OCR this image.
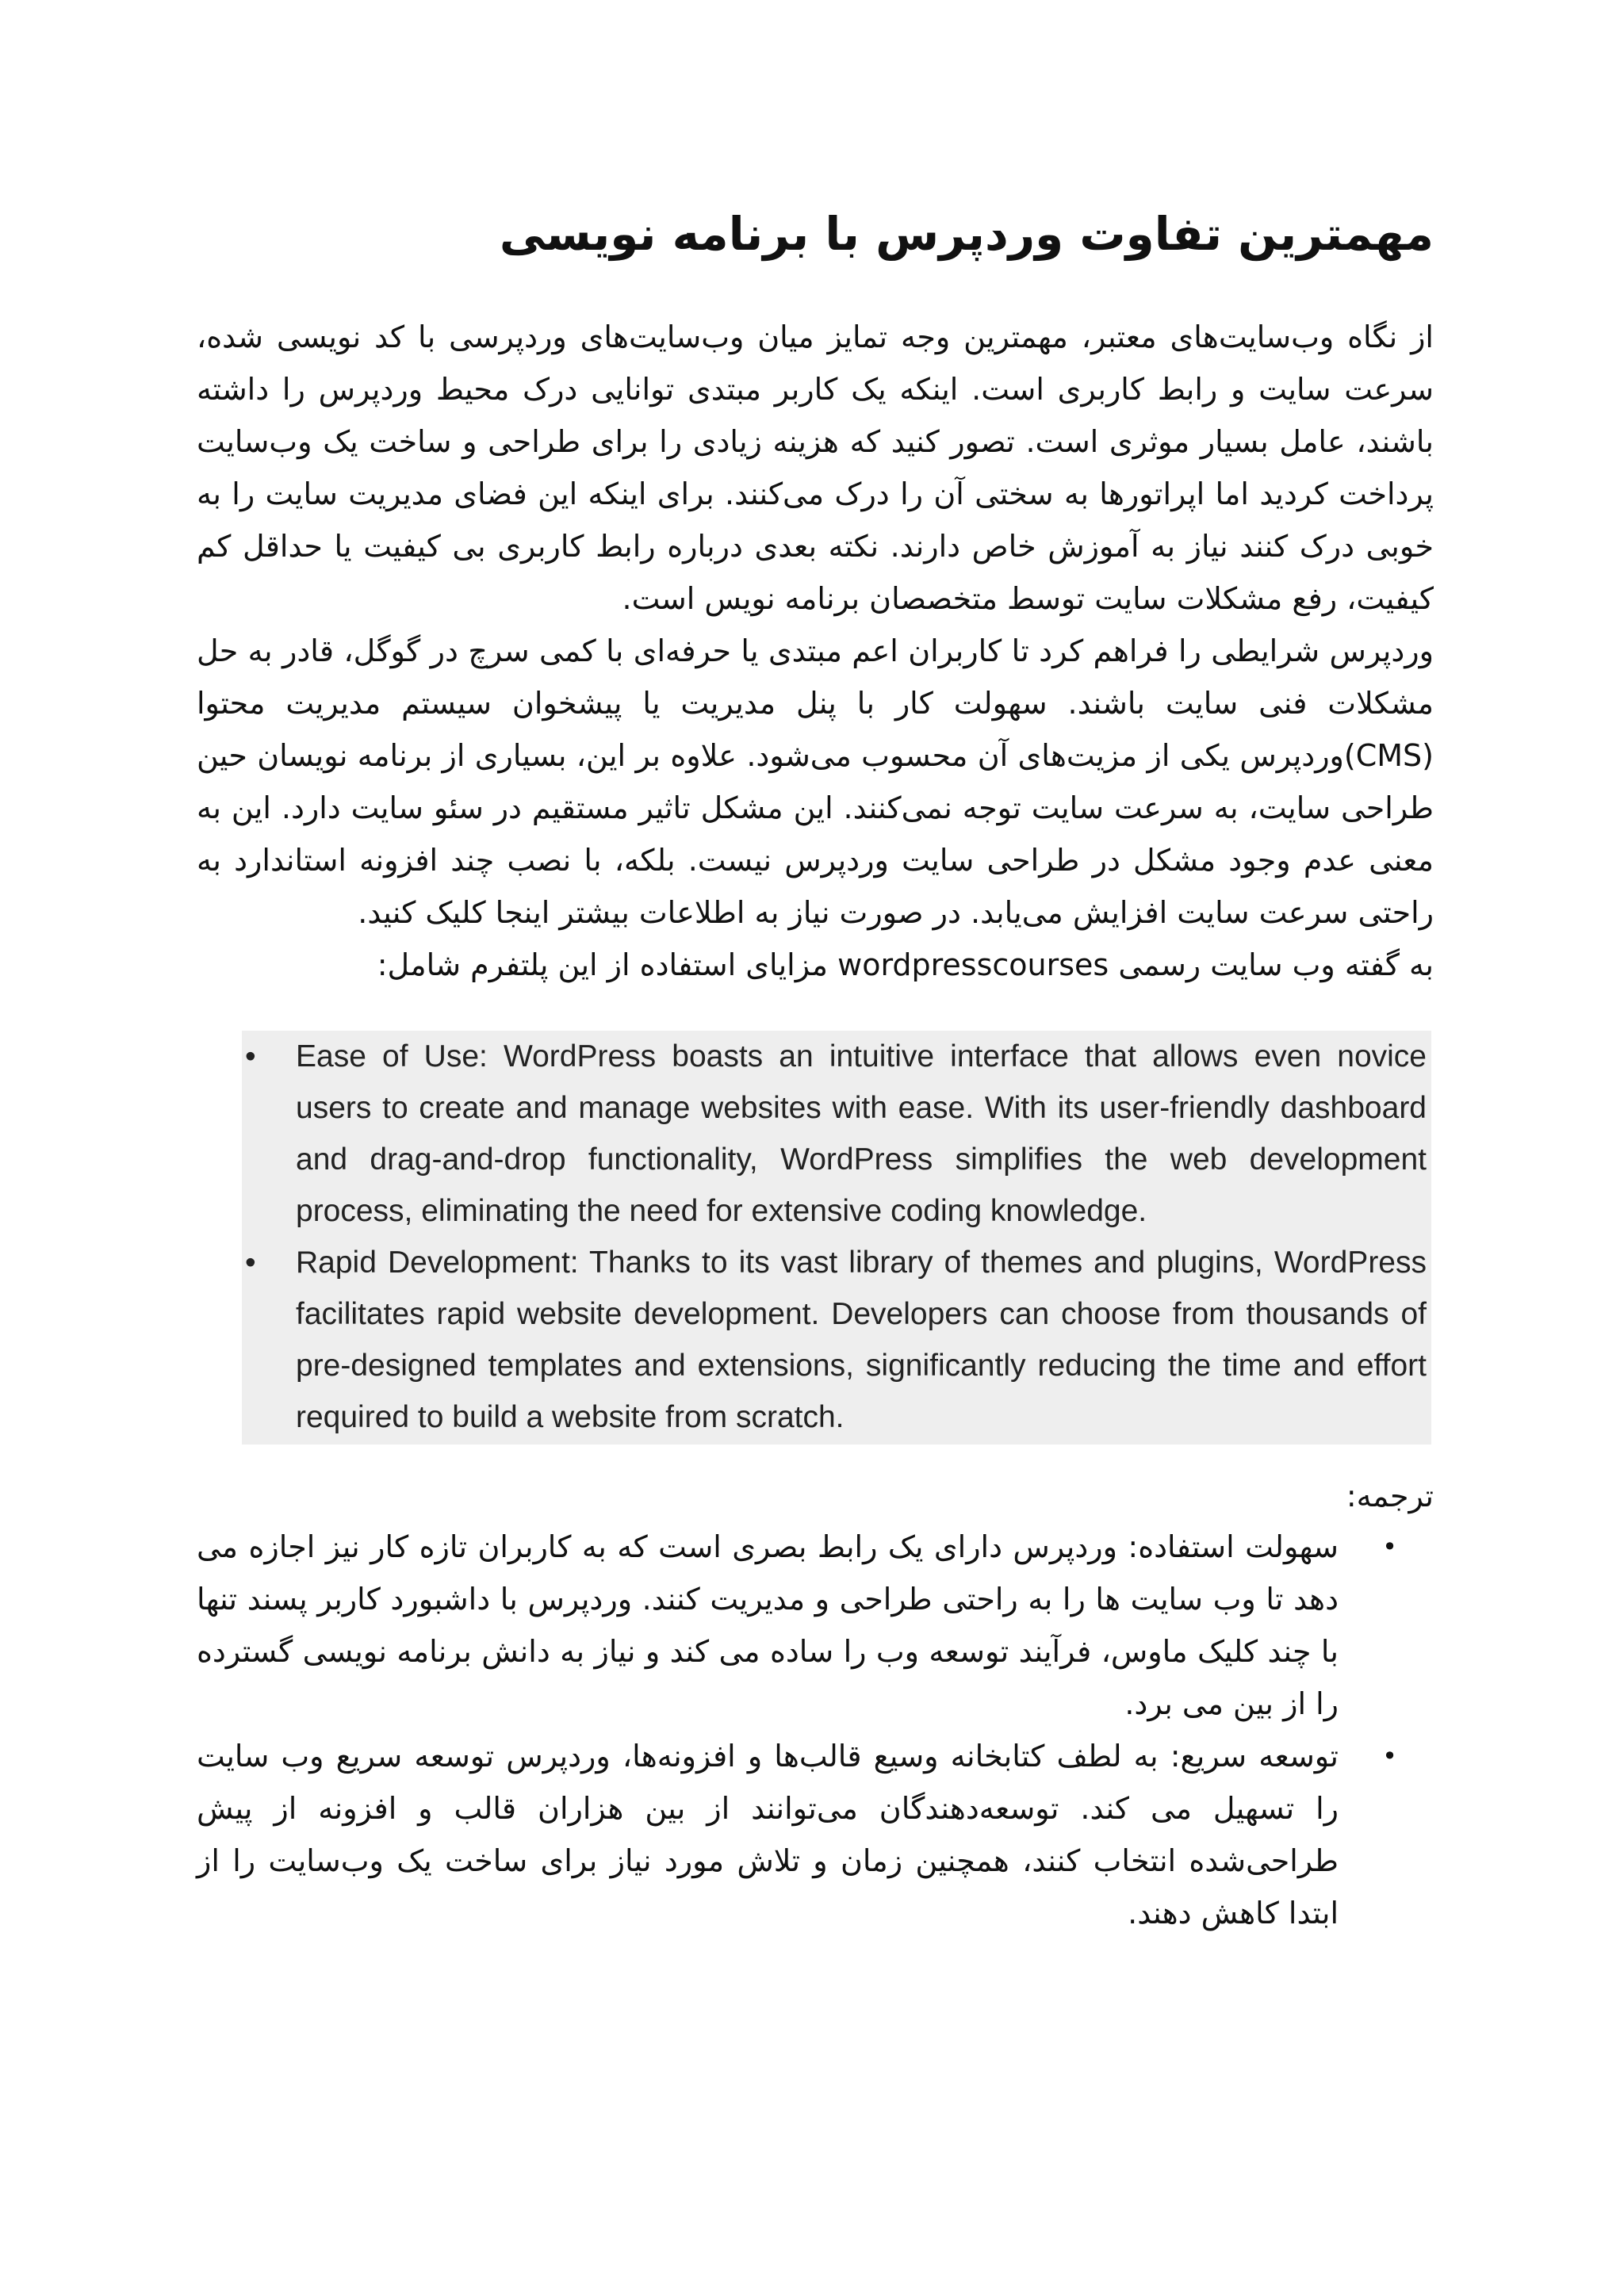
مهمترین تفاوت وردپرس با برنامه نویسی

از نگاه وب‌سایت‌های معتبر، مهمترین وجه تمایز میان وب‌سایت‌های وردپرسی با کد نویسی شده، سرعت سایت و رابط کاربری است. اینکه یک کاربر مبتدی توانایی درک محیط وردپرس را داشته باشند، عامل بسیار موثری است. تصور کنید که هزینه زیادی را برای طراحی و ساخت یک وب‌سایت پرداخت کردید اما اپراتورها به سختی آن را درک می‌کنند. برای اینکه این فضای مدیریت سایت را به خوبی درک کنند نیاز به آموزش خاص دارند. نکته بعدی درباره رابط کاربری بی کیفیت یا حداقل کم کیفیت، رفع مشکلات سایت توسط متخصصان برنامه نویس است.

وردپرس شرایطی را فراهم کرد تا کاربران اعم مبتدی یا حرفه‌ای با کمی سرچ در گوگل، قادر به حل مشکلات فنی سایت باشند. سهولت کار با پنل مدیریت یا پیشخوان سیستم مدیریت محتوا (CMS)وردپرس یکی از مزیت‌های آن محسوب می‌شود. علاوه بر این، بسیاری از برنامه نویسان حین طراحی سایت، به سرعت سایت توجه نمی‌کنند. این مشکل تاثیر مستقیم در سئو سایت دارد. این به معنی عدم وجود مشکل در طراحی سایت وردپرس نیست. بلکه، با نصب چند افزونه استاندارد به راحتی سرعت سایت افزایش می‌یابد. در صورت نیاز به اطلاعات بیشتر اینجا کلیک کنید.

به گفته وب سایت رسمی wordpresscourses مزایای استفاده از این پلتفرم شامل:

• Ease of Use: WordPress boasts an intuitive interface that allows even novice users to create and manage websites with ease. With its user-friendly dashboard and drag-and-drop functionality, WordPress simplifies the web development process, eliminating the need for extensive coding knowledge.
• Rapid Development: Thanks to its vast library of themes and plugins, WordPress facilitates rapid website development. Developers can choose from thousands of pre-designed templates and extensions, significantly reducing the time and effort required to build a website from scratch.

ترجمه:

•
سهولت استفاده: وردپرس دارای یک رابط بصری است که به کاربران تازه کار نیز اجازه می دهد تا وب سایت ها را به راحتی طراحی و مدیریت کنند. وردپرس با داشبورد کاربر پسند تنها با چند کلیک ماوس، فرآیند توسعه وب را ساده می کند و نیاز به دانش برنامه نویسی گسترده را از بین می برد.
•
توسعه سریع: به لطف کتابخانه وسیع قالب‌ها و افزونه‌ها، وردپرس توسعه سریع وب سایت را تسهیل می کند. توسعه‌دهندگان می‌توانند از بین هزاران قالب و افزونه از پیش طراحی‌شده انتخاب کنند، همچنین زمان و تلاش مورد نیاز برای ساخت یک وب‌سایت را از ابتدا کاهش دهند.
